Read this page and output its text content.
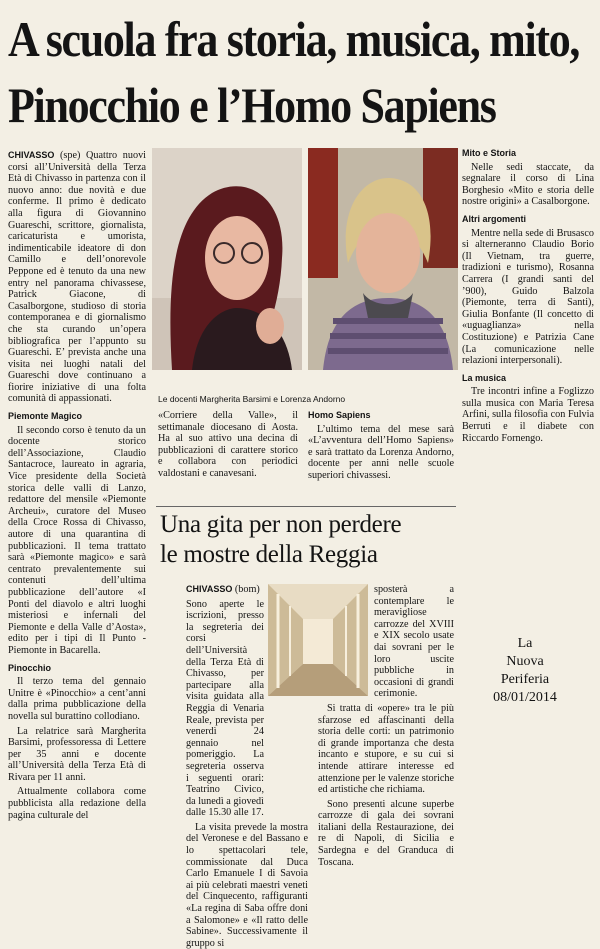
A scuola fra storia, musica, mito,
Pinocchio e l’Homo Sapiens

CHIVASSO (spe) Quattro nuovi corsi all’Università della Terza Età di Chivasso in partenza con il nuovo anno: due novità e due conferme. Il primo è dedicato alla figura di Giovannino Guareschi, scrittore, giornalista, caricaturista e umorista, indimenticabile ideatore di don Camillo e dell’onorevole Peppone ed è tenuto da una new entry nel panorama chivassese, Patrick Giacone, di Casalborgone, studioso di storia contemporanea e di giornalismo che sta curando un’opera bibliografica per l’appunto su Guareschi. E’ prevista anche una visita nei luoghi natali del Guareschi dove continuano a fiorire iniziative di una folta comunità di appassionati.

Piemonte Magico

Il secondo corso è tenuto da un docente storico dell’Associazione, Claudio Santacroce, laureato in agraria, Vice presidente della Società storica delle valli di Lanzo, redattore del mensile «Piemonte Archeui», curatore del Museo della Croce Rossa di Chivasso, autore di una quarantina di pubblicazioni. Il tema trattato sarà «Piemonte magico» e sarà centrato prevalentemente sui contenuti dell’ultima pubblicazione dell’autore «I Ponti del diavolo e altri luoghi misteriosi e infernali del Piemonte e della Valle d’Aosta», edito per i tipi di Il Punto - Piemonte in Bacarella.

Pinocchio

Il terzo tema del gennaio Unitre è «Pinocchio» a cent’anni dalla prima pubblicazione della novella sul burattino collodiano.

La relatrice sarà Margherita Barsimi, professoressa di Lettere per 35 anni e docente all’Università della Terza Età di Rivara per 11 anni.

Attualmente collabora come pubblicista alla redazione della pagina culturale del

Le docenti Margherita Barsimi e Lorenza Andorno

«Corriere della Valle», il settimanale diocesano di Aosta. Ha al suo attivo una decina di pubblicazioni di carattere storico e collabora con periodici valdostani e canavesani.

Homo Sapiens

L’ultimo tema del mese sarà «L’avventura dell’Homo Sapiens» e sarà trattato da Lorenza Andorno, docente per anni nelle scuole superiori chivassesi.

Mito e Storia

Nelle sedi staccate, da segnalare il corso di Lina Borghesio «Mito e storia delle nostre origini» a Casalborgone.

Altri argomenti

Mentre nella sede di Brusasco si alterneranno Claudio Borio (Il Vietnam, tra guerre, tradizioni e turismo), Rosanna Carrera (I grandi santi del ’900), Guido Balzola (Piemonte, terra di Santi), Giulia Bonfante (Il concetto di «uguaglianza» nella Costituzione) e Patrizia Cane (La comunicazione nelle relazioni interpersonali).

La musica

Tre incontri infine a Foglizzo sulla musica con Maria Teresa Arfini, sulla filosofia con Fulvia Berruti e il diabete con Riccardo Fornengo.

Una gita per non perdere
le mostre della Reggia

CHIVASSO (bom)

Sono aperte le iscrizioni, presso la segreteria dei corsi dell’Università della Terza Età di Chivasso, per partecipare alla visita guidata alla Reggia di Venaria Reale, prevista per venerdì 24 gennaio nel pomeriggio. La segreteria osserva i seguenti orari: Teatrino Civico, da lunedì a giovedì dalle 15.30 alle 17.

La visita prevede la mostra del Veronese e del Bassano e lo spettacolari tele, commissionate dal Duca Carlo Emanuele I di Savoia ai più celebrati maestri veneti del Cinquecento, raffiguranti «La regina di Saba offre doni a Salomone» e «Il ratto delle Sabine». Successivamente il gruppo si

sposterà a contemplare le meravigliose carrozze del XVIII e XIX secolo usate dai sovrani per le loro uscite pubbliche in occasioni di grandi cerimonie.

Si tratta di «opere» tra le più sfarzose ed affascinanti della storia delle corti: un patrimonio di grande importanza che desta incanto e stupore, e su cui si intende attirare interesse ed attenzione per le valenze storiche ed artistiche che richiama.

Sono presenti alcune superbe carrozze di gala dei sovrani italiani della Restaurazione, dei re di Napoli, di Sicilia e Sardegna e del Granduca di Toscana.

La
Nuova
Periferia
08/01/2014
